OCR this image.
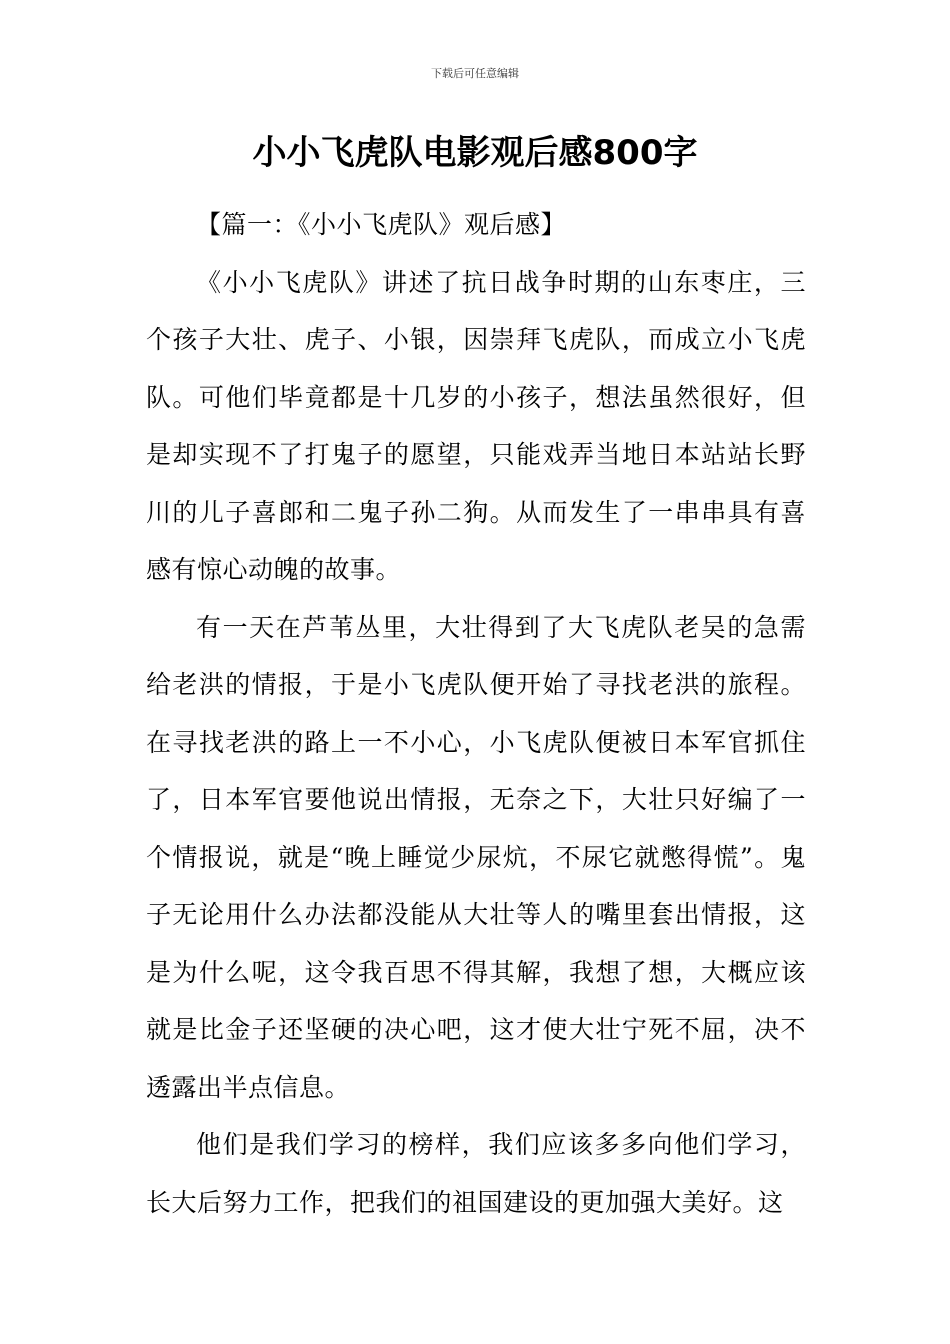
下载后可任意编辑
小小飞虎队电影观后感800字

【篇一：《小小飞虎队》观后感】

《小小飞虎队》讲述了抗日战争时期的山东枣庄，三个孩子大壮、虎子、小银，因崇拜飞虎队，而成立小飞虎队。可他们毕竟都是十几岁的小孩子，想法虽然很好，但是却实现不了打鬼子的愿望，只能戏弄当地日本站站长野川的儿子喜郎和二鬼子孙二狗。从而发生了一串串具有喜感有惊心动魄的故事。

有一天在芦苇丛里，大壮得到了大飞虎队老吴的急需给老洪的情报，于是小飞虎队便开始了寻找老洪的旅程。在寻找老洪的路上一不小心，小飞虎队便被日本军官抓住了，日本军官要他说出情报，无奈之下，大壮只好编了一个情报说，就是“晚上睡觉少尿炕，不尿它就憋得慌”。鬼子无论用什么办法都没能从大壮等人的嘴里套出情报，这是为什么呢，这令我百思不得其解，我想了想，大概应该就是比金子还坚硬的决心吧，这才使大壮宁死不屈，决不透露出半点信息。

他们是我们学习的榜样，我们应该多多向他们学习，长大后努力工作，把我们的祖国建设的更加强大美好。这
